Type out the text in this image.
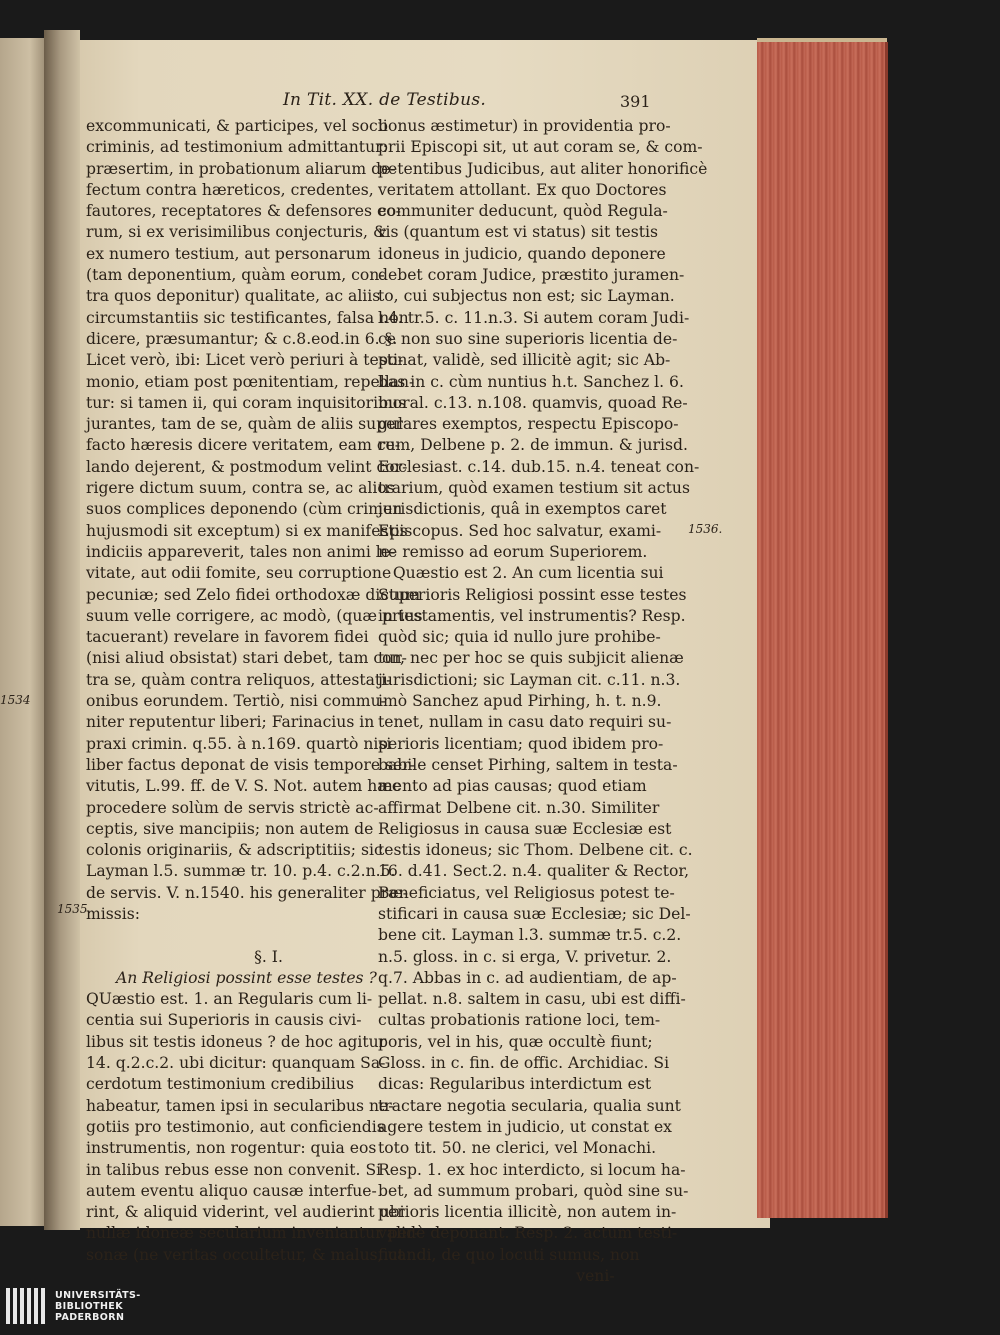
In Tit. XX. de Testibus.	391
excommunicati, & participes, vel socii
criminis, ad testimonium admittantur:
præsertim, in probationum aliarum de-
fectum contra hæreticos, credentes,
fautores, receptatores & defensores eo-
rum, si ex verisimilibus conjecturis, &
ex numero testium, aut personarum
(tam deponentium, quàm eorum, con-
tra quos deponitur) qualitate, ac aliis
circumstantiis sic testificantes, falsa non
dicere, præsumantur; & c.8.eod.in 6. §.
Licet verò, ibi: Licet verò periuri à testi-
monio, etiam post pœnitentiam, repellan-
tur: si tamen ii, qui coram inquisitoribus
jurantes, tam de se, quàm de aliis super
facto hæresis dicere veritatem, eam ce-
lando dejerent, & postmodum velint cor-
rigere dictum suum, contra se, ac alios
suos complices deponendo (cùm crimen
hujusmodi sit exceptum) si ex manifestis
indiciis appareverit, tales non animi le-
vitate, aut odii fomite, seu corruptione
pecuniæ; sed Zelo fidei orthodoxæ dictum
suum velle corrigere, ac modò, (quæ prius
tacuerant) revelare in favorem fidei
(nisi aliud obsistat) stari debet, tam con-
tra se, quàm contra reliquos, attestati-
onibus eorundem. Tertiò, nisi commu-
niter reputentur liberi; Farinacius in
praxi crimin. q.55. à n.169. quartò nisi
liber factus deponat de visis tempore ser-
vitutis, L.99. ff. de V. S. Not. autem hæc
procedere solùm de servis strictè ac-
ceptis, sive mancipiis; non autem de
colonis originariis, & adscriptitiis; sic
Layman l.5. summæ tr. 10. p.4. c.2.n.5.
de servis. V. n.1540. his generaliter præ-
missis:
§. I.
An Religiosi possint esse testes ?
QUæstio est. 1. an Regularis cum li-
centia sui Superioris in causis civi-
libus sit testis idoneus ? de hoc agitur
14. q.2.c.2. ubi dicitur: quanquam Sa-
cerdotum testimonium credibilius
habeatur, tamen ipsi in secularibus ne-
gotiis pro testimonio, aut conficiendis
instrumentis, non rogentur: quia eos
in talibus rebus esse non convenit. Si
autem eventu aliquo causæ interfue-
rint, & aliquid viderint, vel audierint ubi
nullæ idoneæ secularium inveniantur per-
sonæ (ne veritas occultetur, & malus, ut
bonus æstimetur) in providentia pro-
prii Episcopi sit, ut aut coram se, & com-
petentibus Judicibus, aut aliter honorificè
veritatem attollant. Ex quo Doctores
communiter deducunt, quòd Regula-
ris (quantum est vi status) sit testis
idoneus in judicio, quando deponere
debet coram Judice, præstito juramen-
to, cui subjectus non est; sic Layman.
l.4. tr.5. c. 11.n.3. Si autem coram Judi-
ce non suo sine superioris licentia de-
ponat, validè, sed illicitè agit; sic Ab-
bas in c. cùm nuntius h.t. Sanchez l. 6.
moral. c.13. n.108. quamvis, quoad Re-
gulares exemptos, respectu Episcopo-
rum, Delbene p. 2. de immun. & jurisd.
Ecclesiast. c.14. dub.15. n.4. teneat con-
trarium, quòd examen testium sit actus
jurisdictionis, quâ in exemptos caret
Episcopus. Sed hoc salvatur, exami-
ne remisso ad eorum Superiorem.
Quæstio est 2. An cum licentia sui
Superioris Religiosi possint esse testes
in testamentis, vel instrumentis? Resp.
quòd sic; quia id nullo jure prohibe-
tur, nec per hoc se quis subjicit alienæ
jurisdictioni; sic Layman cit. c.11. n.3.
imò Sanchez apud Pirhing, h. t. n.9.
tenet, nullam in casu dato requiri su-
perioris licentiam; quod ibidem pro-
babile censet Pirhing, saltem in testa-
mento ad pias causas; quod etiam
affirmat Delbene cit. n.30. Similiter
Religiosus in causa suæ Ecclesiæ est
testis idoneus; sic Thom. Delbene cit. c.
16. d.41. Sect.2. n.4. qualiter & Rector,
Beneficiatus, vel Religiosus potest te-
stificari in causa suæ Ecclesiæ; sic Del-
bene cit. Layman l.3. summæ tr.5. c.2.
n.5. gloss. in c. si erga, V. privetur. 2.
q.7. Abbas in c. ad audientiam, de ap-
pellat. n.8. saltem in casu, ubi est diffi-
cultas probationis ratione loci, tem-
poris, vel in his, quæ occultè fiunt;
Gloss. in c. fin. de offic. Archidiac. Si
dicas: Regularibus interdictum est
tractare negotia secularia, qualia sunt
agere testem in judicio, ut constat ex
toto tit. 50. ne clerici, vel Monachi.
Resp. 1. ex hoc interdicto, si locum ha-
bet, ad summum probari, quòd sine su-
perioris licentia illicitè, non autem in-
validè deponant. Resp. 2. actum testi-
ficandi, de quo locuti sumus, non
veni-
1536.
1534
1535.
UNIVERSITÄTS-
BIBLIOTHEK
PADERBORN
